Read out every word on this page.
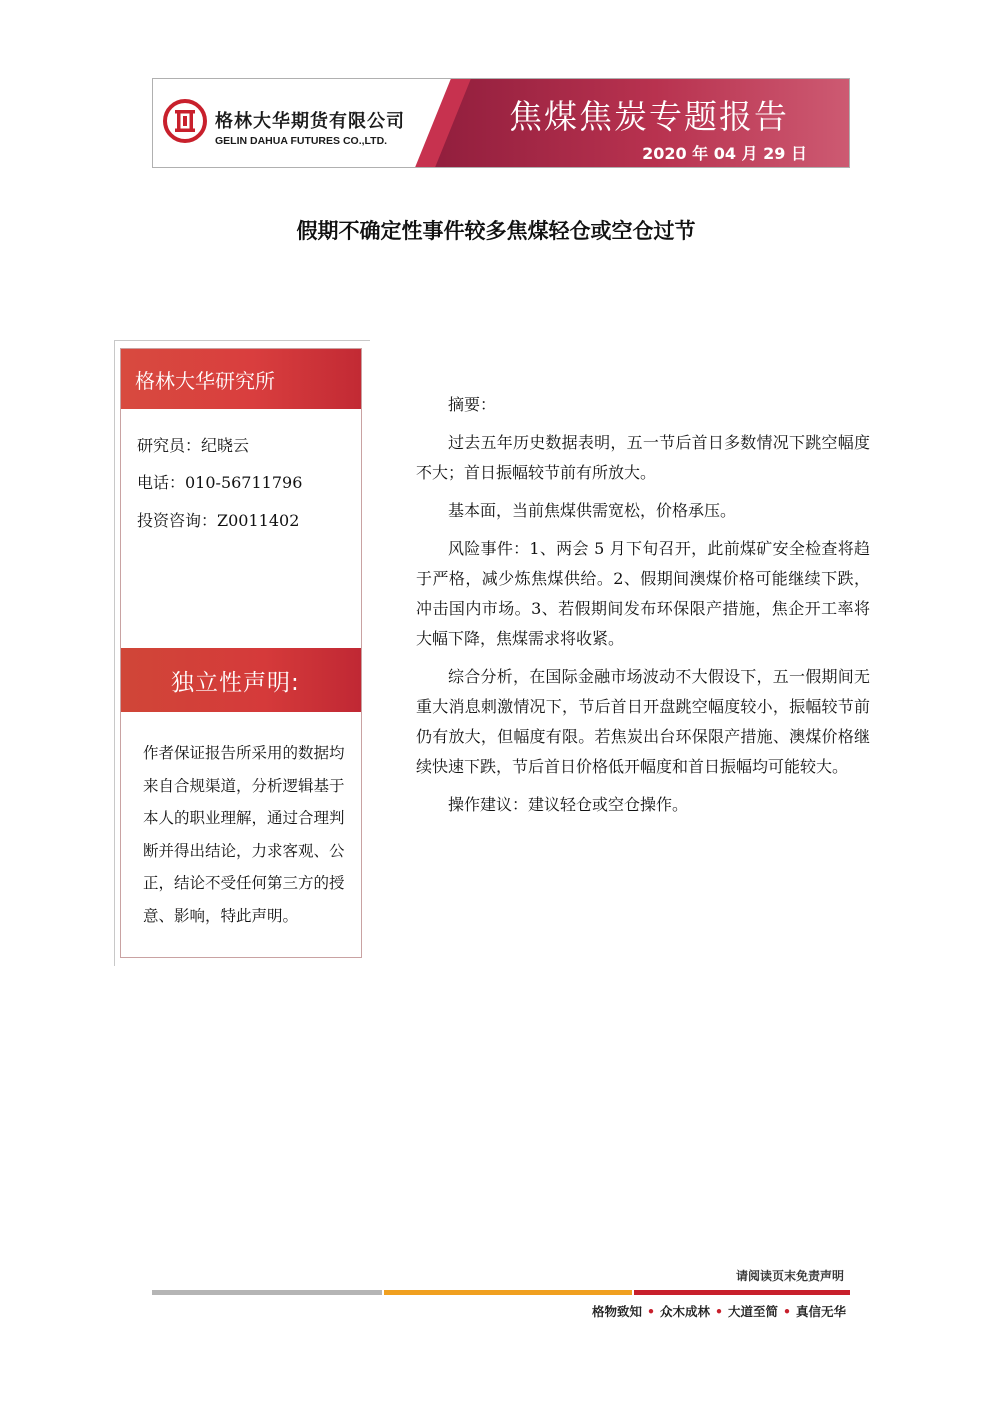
格林大华期货有限公司
GELIN DAHUA FUTURES CO.,LTD.
焦煤焦炭专题报告
2020 年 04 月 29 日
假期不确定性事件较多焦煤轻仓或空仓过节
格林大华研究所
研究员：纪晓云
电话：010-56711796
投资咨询：Z0011402
独立性声明:
作者保证报告所采用的数据均来自合规渠道，分析逻辑基于本人的职业理解，通过合理判断并得出结论，力求客观、公正，结论不受任何第三方的授意、影响，特此声明。

摘要：

过去五年历史数据表明，五一节后首日多数情况下跳空幅度不大；首日振幅较节前有所放大。

基本面，当前焦煤供需宽松，价格承压。

风险事件：1、两会 5 月下旬召开，此前煤矿安全检查将趋于严格，减少炼焦煤供给。2、假期间澳煤价格可能继续下跌，冲击国内市场。3、若假期间发布环保限产措施，焦企开工率将大幅下降，焦煤需求将收紧。

综合分析，在国际金融市场波动不大假设下，五一假期间无重大消息刺激情况下，节后首日开盘跳空幅度较小，振幅较节前仍有放大，但幅度有限。若焦炭出台环保限产措施、澳煤价格继续快速下跌，节后首日价格低开幅度和首日振幅均可能较大。

操作建议：建议轻仓或空仓操作。

请阅读页末免责声明
格物致知 • 众木成林 • 大道至简 • 真信无华
